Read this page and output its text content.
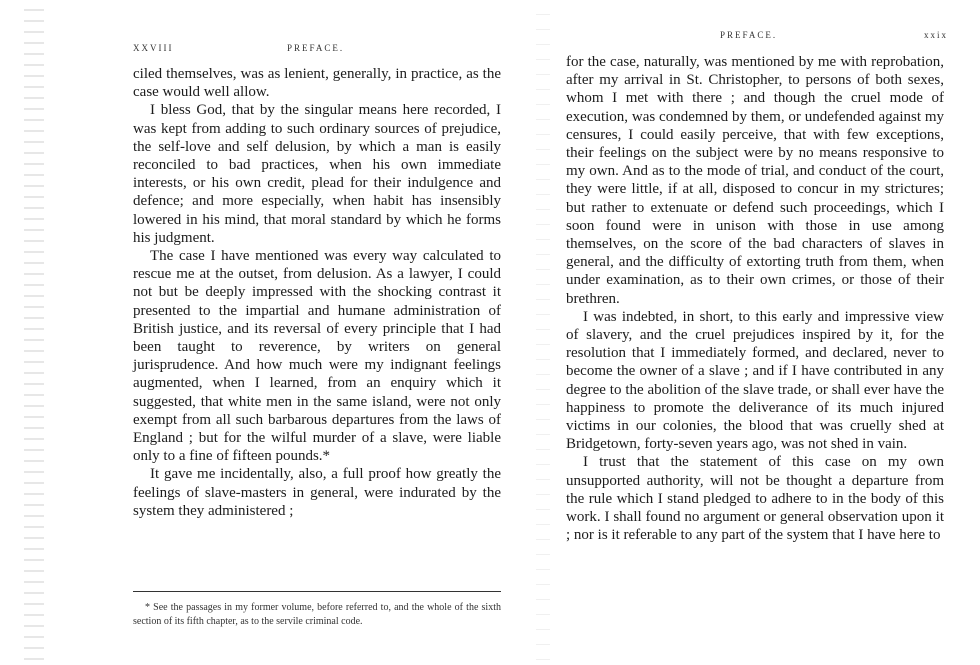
XXVIII	PREFACE.

ciled themselves, was as lenient, generally, in practice, as the case would well allow.

I bless God, that by the singular means here recorded, I was kept from adding to such ordinary sources of prejudice, the self-love and self delusion, by which a man is easily reconciled to bad practices, when his own immediate interests, or his own credit, plead for their indulgence and defence; and more especially, when habit has insensibly lowered in his mind, that moral standard by which he forms his judgment.

The case I have mentioned was every way calculated to rescue me at the outset, from delusion. As a lawyer, I could not but be deeply impressed with the shocking contrast it presented to the impartial and humane administration of British justice, and its reversal of every principle that I had been taught to reverence, by writers on general jurisprudence. And how much were my indignant feelings augmented, when I learned, from an enquiry which it suggested, that white men in the same island, were not only exempt from all such barbarous departures from the laws of England ; but for the wilful murder of a slave, were liable only to a fine of fifteen pounds.*

It gave me incidentally, also, a full proof how greatly the feelings of slave-masters in general, were indurated by the system they administered ;

* See the passages in my former volume, before referred to, and the whole of the sixth section of its fifth chapter, as to the servile criminal code.
PREFACE.	xxix

for the case, naturally, was mentioned by me with reprobation, after my arrival in St. Christopher, to persons of both sexes, whom I met with there ; and though the cruel mode of execution, was condemned by them, or undefended against my censures, I could easily perceive, that with few exceptions, their feelings on the subject were by no means responsive to my own. And as to the mode of trial, and conduct of the court, they were little, if at all, disposed to concur in my strictures; but rather to extenuate or defend such proceedings, which I soon found were in unison with those in use among themselves, on the score of the bad characters of slaves in general, and the difficulty of extorting truth from them, when under examination, as to their own crimes, or those of their brethren.

I was indebted, in short, to this early and impressive view of slavery, and the cruel prejudices inspired by it, for the resolution that I immediately formed, and declared, never to become the owner of a slave ; and if I have contributed in any degree to the abolition of the slave trade, or shall ever have the happiness to promote the deliverance of its much injured victims in our colonies, the blood that was cruelly shed at Bridgetown, forty-seven years ago, was not shed in vain.

I trust that the statement of this case on my own unsupported authority, will not be thought a departure from the rule which I stand pledged to adhere to in the body of this work. I shall found no argument or general observation upon it ; nor is it referable to any part of the system that I have here to
